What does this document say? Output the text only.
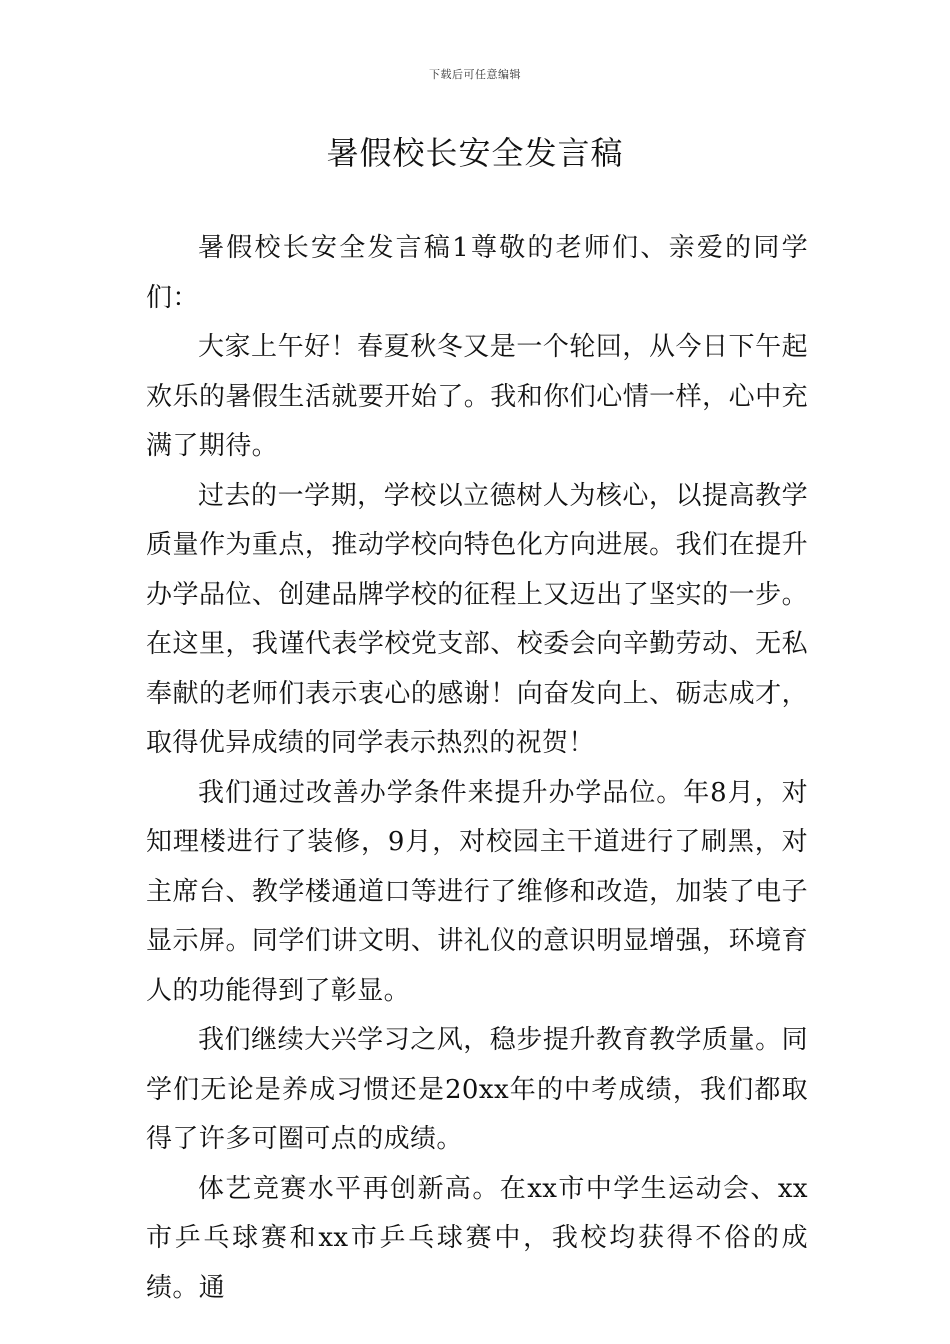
下载后可任意编辑
暑假校长安全发言稿

暑假校长安全发言稿1尊敬的老师们、亲爱的同学们：

大家上午好！春夏秋冬又是一个轮回，从今日下午起欢乐的暑假生活就要开始了。我和你们心情一样，心中充满了期待。

过去的一学期，学校以立德树人为核心，以提高教学质量作为重点，推动学校向特色化方向进展。我们在提升办学品位、创建品牌学校的征程上又迈出了坚实的一步。在这里，我谨代表学校党支部、校委会向辛勤劳动、无私奉献的老师们表示衷心的感谢！向奋发向上、砺志成才，取得优异成绩的同学表示热烈的祝贺！

我们通过改善办学条件来提升办学品位。年8月，对知理楼进行了装修，9月，对校园主干道进行了刷黑，对主席台、教学楼通道口等进行了维修和改造，加装了电子显示屏。同学们讲文明、讲礼仪的意识明显增强，环境育人的功能得到了彰显。

我们继续大兴学习之风，稳步提升教育教学质量。同学们无论是养成习惯还是20xx年的中考成绩，我们都取得了许多可圈可点的成绩。

体艺竞赛水平再创新高。在xx市中学生运动会、xx市乒乓球赛和xx市乒乓球赛中，我校均获得不俗的成绩。通
